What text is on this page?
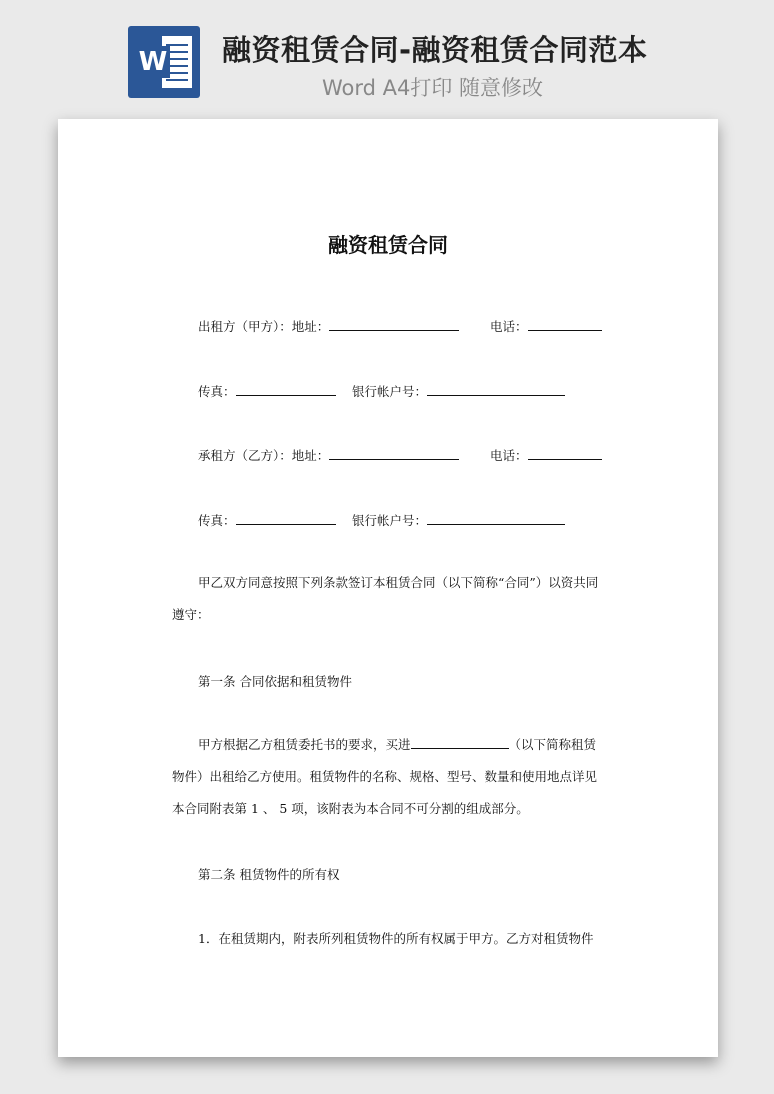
W 融资租赁合同-融资租赁合同范本
Word A4打印 随意修改

融资租赁合同
出租方（甲方）：地址：	电话：
传真：	银行帐户号：
承租方（乙方）：地址：	电话：
传真：	银行帐户号：
甲乙双方同意按照下列条款签订本租赁合同（以下简称“合同”）以资共同
遵守：
第一条 合同依据和租赁物件
甲方根据乙方租赁委托书的要求，买进	（以下简称租赁
物件）出租给乙方使用。租赁物件的名称、规格、型号、数量和使用地点详见
本合同附表第 1 、 5 项，该附表为本合同不可分割的组成部分。
第二条 租赁物件的所有权
1．在租赁期内，附表所列租赁物件的所有权属于甲方。乙方对租赁物件
